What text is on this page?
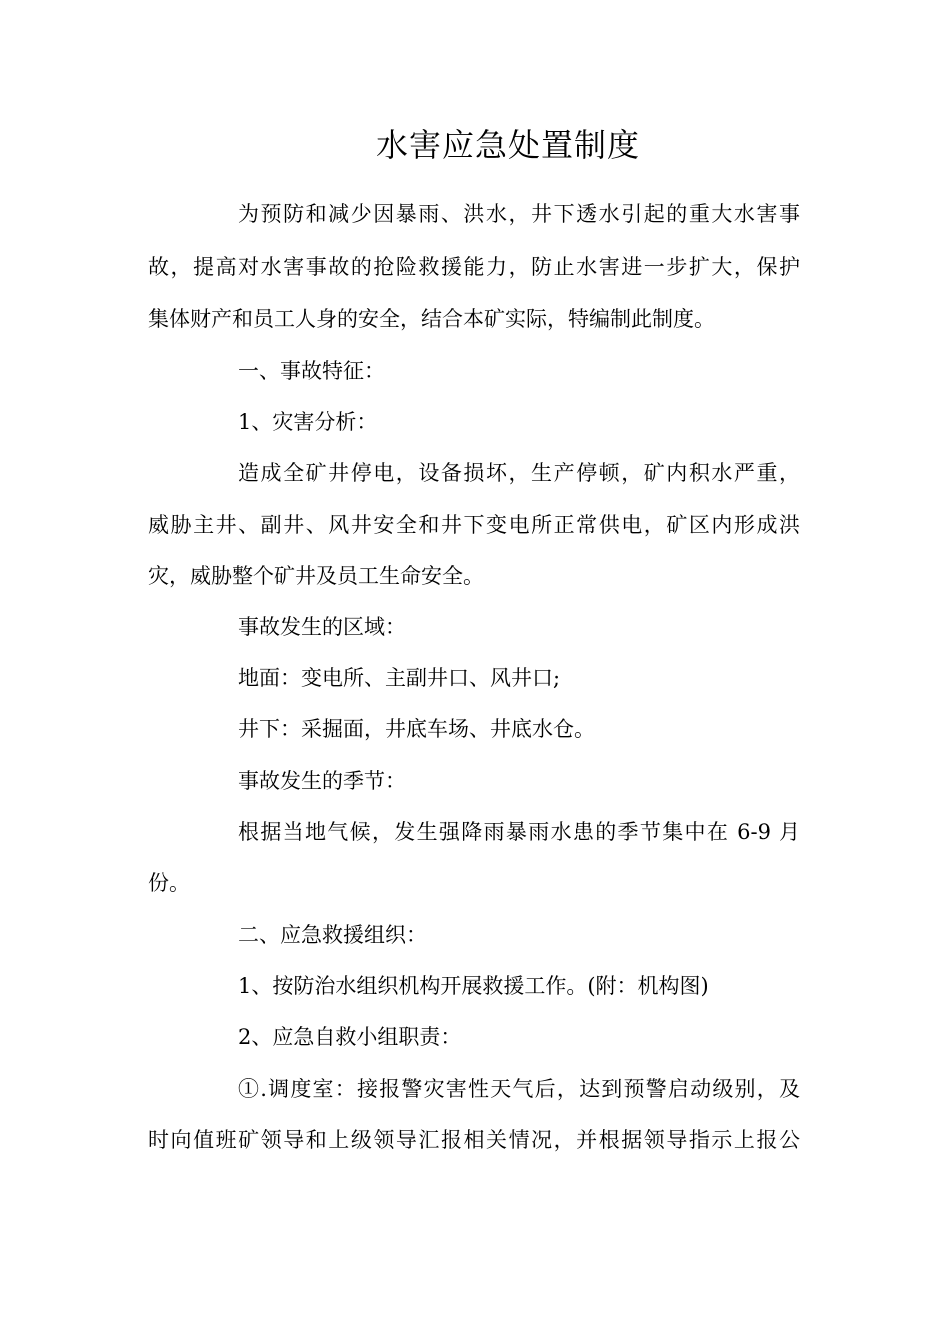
水害应急处置制度
为预防和减少因暴雨、洪水，井下透水引起的重大水害事
故，提高对水害事故的抢险救援能力，防止水害进一步扩大，保护
集体财产和员工人身的安全，结合本矿实际，特编制此制度。
一、事故特征：
1、灾害分析：
造成全矿井停电，设备损坏，生产停顿，矿内积水严重，
威胁主井、副井、风井安全和井下变电所正常供电，矿区内形成洪
灾，威胁整个矿井及员工生命安全。
事故发生的区域：
地面：变电所、主副井口、风井口;
井下：采掘面，井底车场、井底水仓。
事故发生的季节：
根据当地气候，发生强降雨暴雨水患的季节集中在 6-9 月
份。
二、应急救援组织：
1、按防治水组织机构开展救援工作。(附：机构图)
2、应急自救小组职责：
①.调度室：接报警灾害性天气后，达到预警启动级别，及
时向值班矿领导和上级领导汇报相关情况，并根据领导指示上报公
